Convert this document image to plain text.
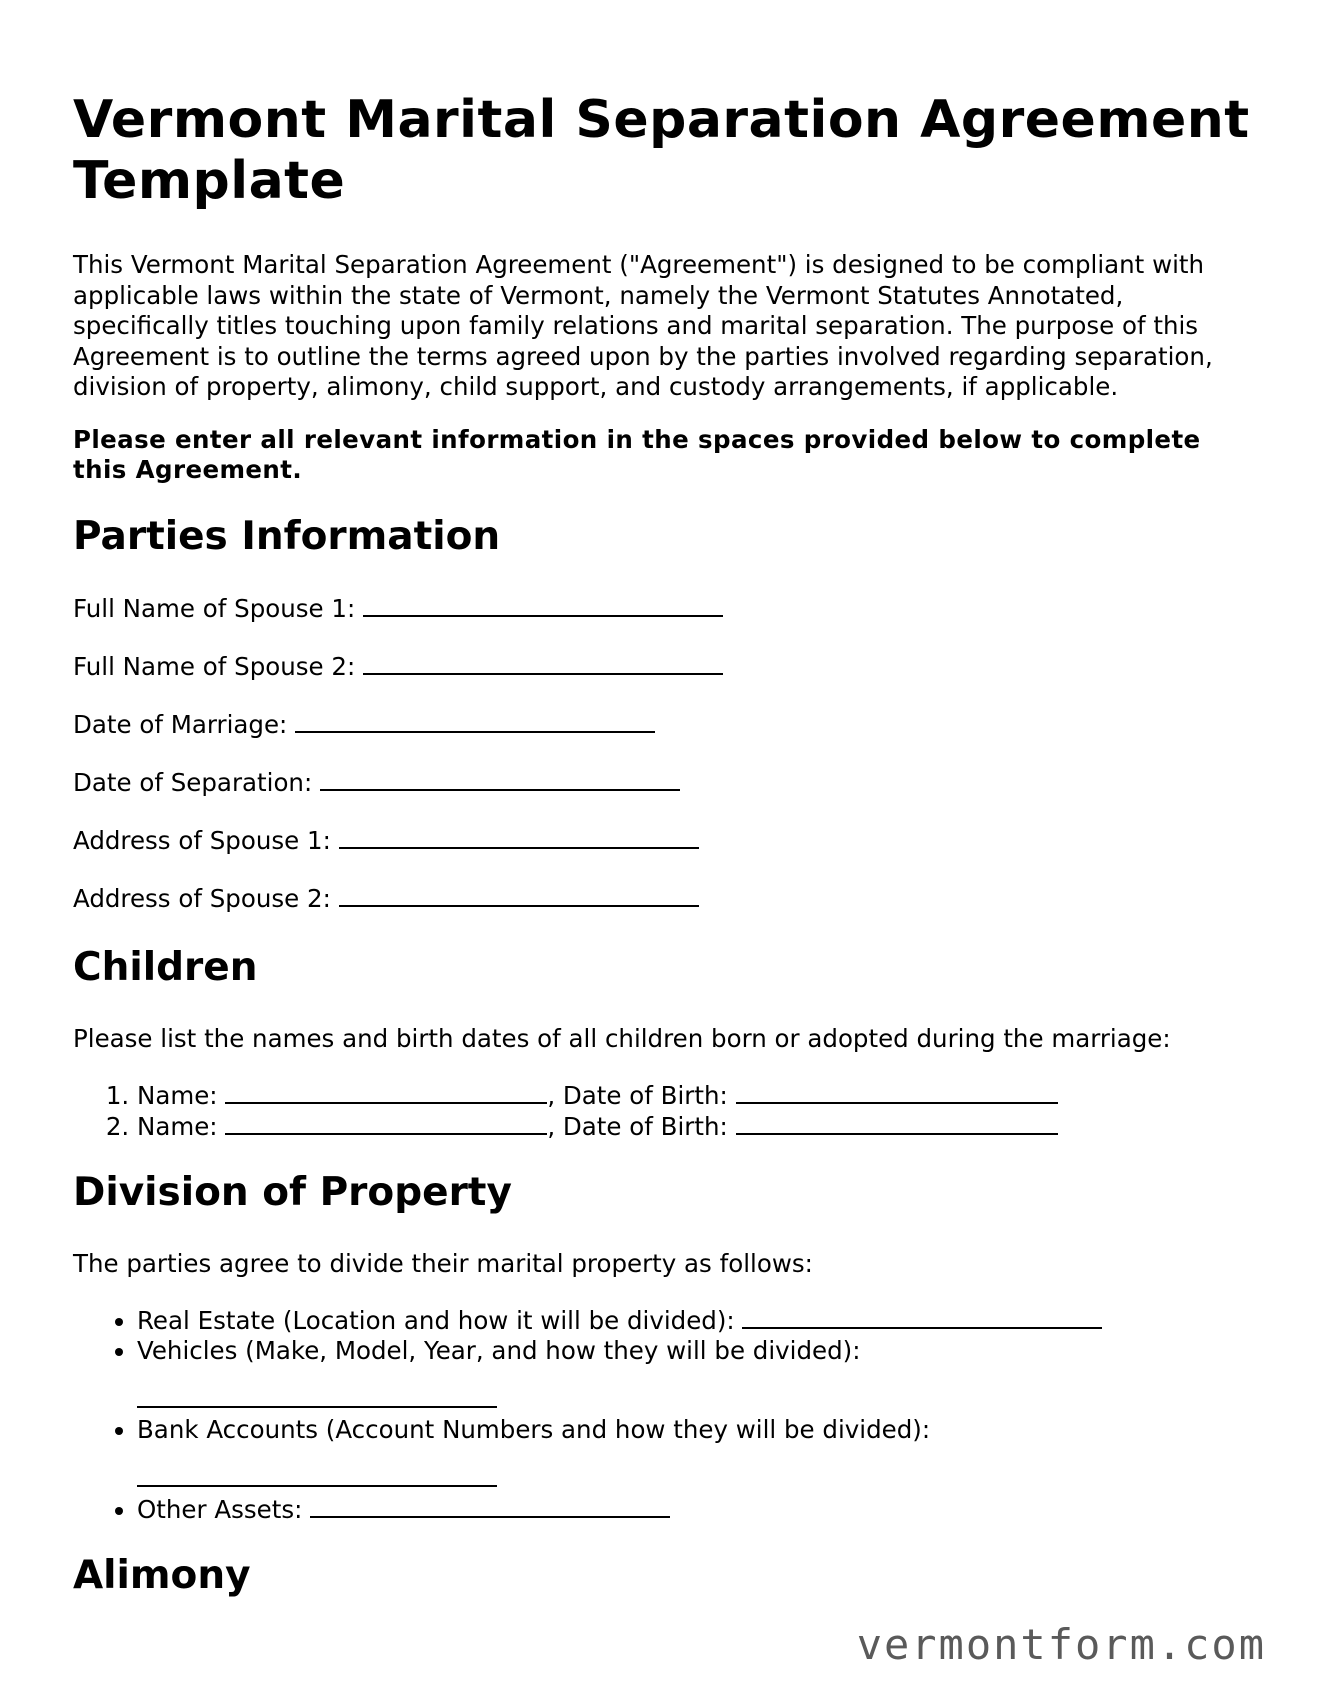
Vermont Marital Separation Agreement Template

This Vermont Marital Separation Agreement ("Agreement") is designed to be compliant with applicable laws within the state of Vermont, namely the Vermont Statutes Annotated, specifically titles touching upon family relations and marital separation. The purpose of this Agreement is to outline the terms agreed upon by the parties involved regarding separation, division of property, alimony, child support, and custody arrangements, if applicable.

Please enter all relevant information in the spaces provided below to complete this Agreement.

Parties Information
Full Name of Spouse 1:
Full Name of Spouse 2:
Date of Marriage:
Date of Separation:
Address of Spouse 1:
Address of Spouse 2:
Children

Please list the names and birth dates of all children born or adopted during the marriage:

1. Name:	, Date of Birth:
2. Name:	, Date of Birth:
Division of Property

The parties agree to divide their marital property as follows:

• Real Estate (Location and how it will be divided):
• Vehicles (Make, Model, Year, and how they will be divided):
• Bank Accounts (Account Numbers and how they will be divided):
• Other Assets:
Alimony
vermontform.com
